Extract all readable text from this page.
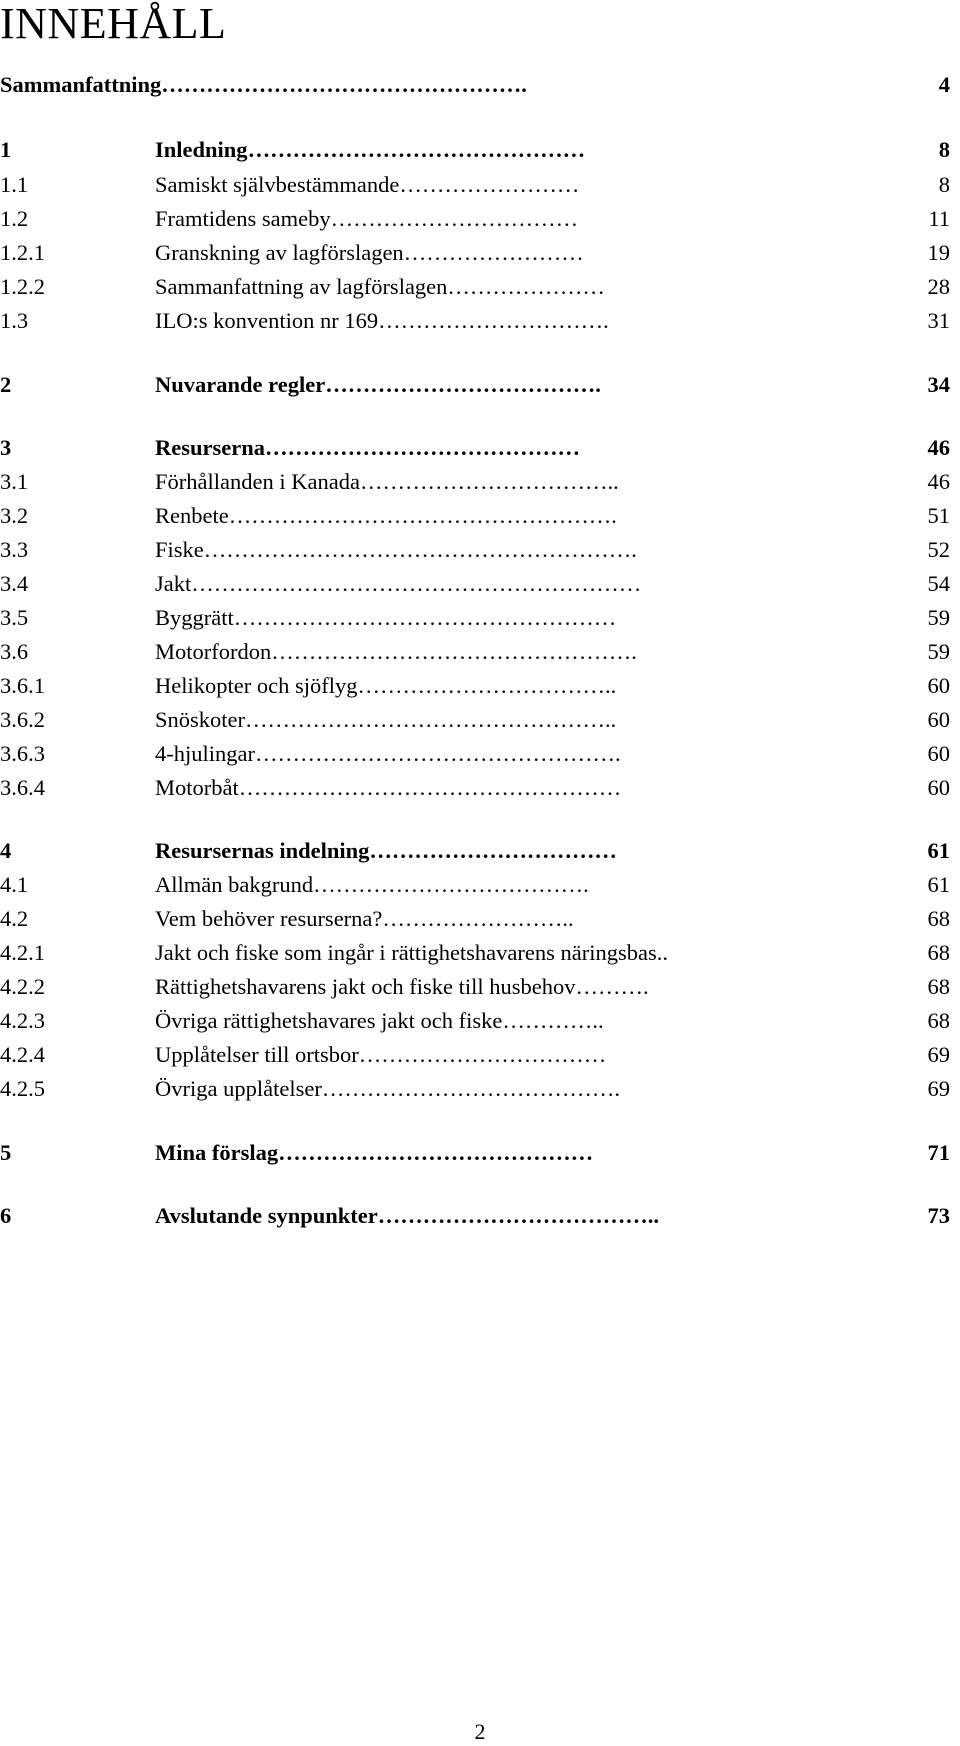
INNEHÅLL
Sammanfattning………………………………………….	4
1	Inledning………………………………………	8
1.1	Samiskt självbestämmande……………………	8
1.2	Framtidens sameby……………………………	11
1.2.1	Granskning av lagförslagen……………………	19
1.2.2	Sammanfattning av lagförslagen…………………	28
1.3	ILO:s konvention nr 169………………………….	31
2	Nuvarande regler……………………………….	34
3	Resurserna……………………………………	46
3.1	Förhållanden i Kanada……………………………..	46
3.2	Renbete…………………………………………….	51
3.3	Fiske………………………………………………….	52
3.4	Jakt……………………………………………………	54
3.5	Byggrätt……………………………………………	59
3.6	Motorfordon………………………………………….	59
3.6.1	Helikopter och sjöflyg……………………………..	60
3.6.2	Snöskoter…………………………………………..	60
3.6.3	4-hjulingar………………………………………….	60
3.6.4	Motorbåt……………………………………………	60
4	Resursernas indelning……………………………	61
4.1	Allmän bakgrund……………………………….	61
4.2	Vem behöver resurserna?……………………..	68
4.2.1	Jakt och fiske som ingår i rättighetshavarens näringsbas..	68
4.2.2	Rättighetshavarens jakt och fiske till husbehov……….	68
4.2.3	Övriga rättighetshavares jakt och fiske…………..	68
4.2.4	Upplåtelser till ortsbor……………………………	69
4.2.5	Övriga upplåtelser………………………………….	69
5	Mina förslag……………………………………	71
6	Avslutande synpunkter………………………………..	73
2
